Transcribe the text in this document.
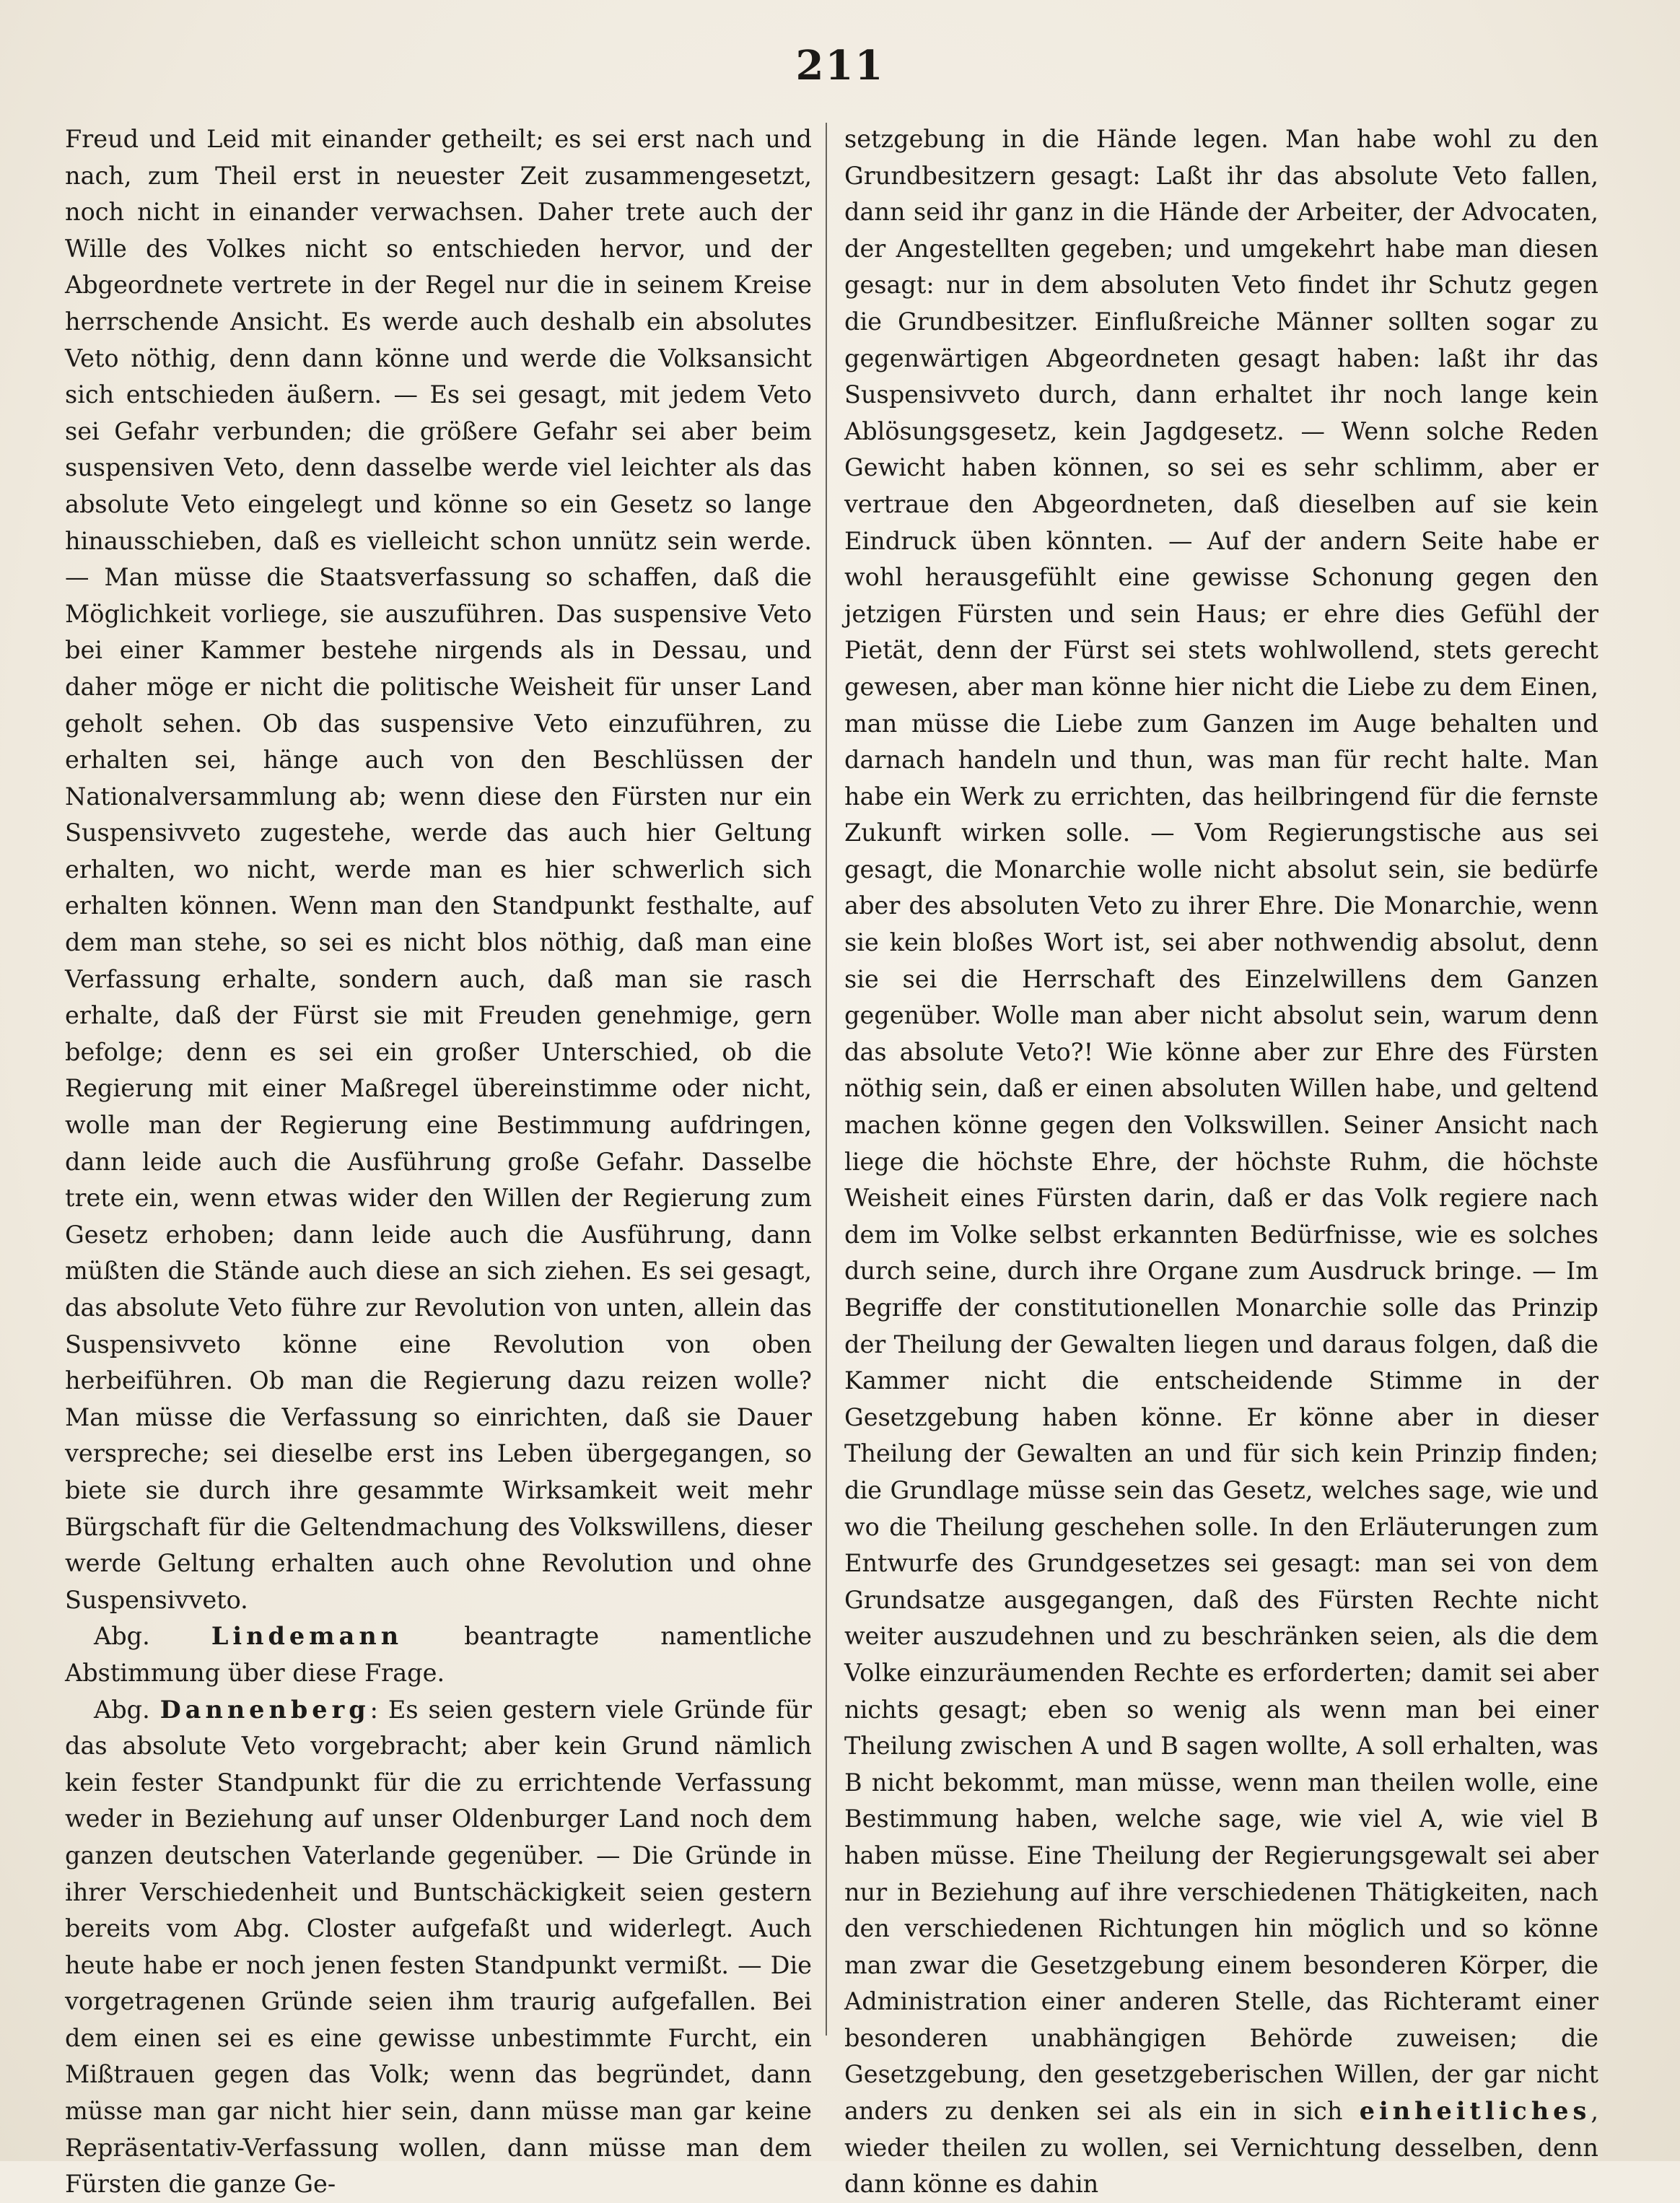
211

Freud und Leid mit einander getheilt; es sei erst nach und nach, zum Theil erst in neuester Zeit zusammengesetzt, noch nicht in einander verwachsen. Daher trete auch der Wille des Volkes nicht so entschieden hervor, und der Abgeordnete vertrete in der Regel nur die in seinem Kreise herrschende Ansicht. Es werde auch deshalb ein absolutes Veto nöthig, denn dann könne und werde die Volksansicht sich entschieden äußern. — Es sei gesagt, mit jedem Veto sei Gefahr verbunden; die größere Gefahr sei aber beim suspensiven Veto, denn dasselbe werde viel leichter als das absolute Veto eingelegt und könne so ein Gesetz so lange hinausschieben, daß es vielleicht schon unnütz sein werde. — Man müsse die Staatsverfassung so schaffen, daß die Möglichkeit vorliege, sie auszuführen. Das suspensive Veto bei einer Kammer bestehe nirgends als in Dessau, und daher möge er nicht die politische Weisheit für unser Land geholt sehen. Ob das suspensive Veto einzuführen, zu erhalten sei, hänge auch von den Beschlüssen der Nationalversammlung ab; wenn diese den Fürsten nur ein Suspensivveto zugestehe, werde das auch hier Geltung erhalten, wo nicht, werde man es hier schwerlich sich erhalten können. Wenn man den Standpunkt festhalte, auf dem man stehe, so sei es nicht blos nöthig, daß man eine Verfassung erhalte, sondern auch, daß man sie rasch erhalte, daß der Fürst sie mit Freuden genehmige, gern befolge; denn es sei ein großer Unterschied, ob die Regierung mit einer Maßregel übereinstimme oder nicht, wolle man der Regierung eine Bestimmung aufdringen, dann leide auch die Ausführung große Gefahr. Dasselbe trete ein, wenn etwas wider den Willen der Regierung zum Gesetz erhoben; dann leide auch die Ausführung, dann müßten die Stände auch diese an sich ziehen. Es sei gesagt, das absolute Veto führe zur Revolution von unten, allein das Suspensivveto könne eine Revolution von oben herbeiführen. Ob man die Regierung dazu reizen wolle? Man müsse die Verfassung so einrichten, daß sie Dauer verspreche; sei dieselbe erst ins Leben übergegangen, so biete sie durch ihre gesammte Wirksamkeit weit mehr Bürgschaft für die Geltendmachung des Volkswillens, dieser werde Geltung erhalten auch ohne Revolution und ohne Suspensivveto.

Abg.	Lindemann	beantragte namentliche Abstimmung über diese Frage.

Abg. Dannenberg: Es seien gestern viele Gründe für das absolute Veto vorgebracht; aber kein Grund nämlich kein fester Standpunkt für die zu errichtende Verfassung weder in Beziehung auf unser Oldenburger Land noch dem ganzen deutschen Vaterlande gegenüber. — Die Gründe in ihrer Verschiedenheit und Buntschäckigkeit seien gestern bereits vom Abg. Closter aufgefaßt und widerlegt. Auch heute habe er noch jenen festen Standpunkt vermißt. — Die vorgetragenen Gründe seien ihm traurig aufgefallen. Bei dem einen sei es eine gewisse unbestimmte Furcht, ein Mißtrauen gegen das Volk; wenn das begründet, dann müsse man gar nicht hier sein, dann müsse man gar keine Repräsentativ-Verfassung wollen, dann müsse man dem Fürsten die ganze Ge-

setzgebung in die Hände legen. Man habe wohl zu den Grundbesitzern gesagt: Laßt ihr das absolute Veto fallen, dann seid ihr ganz in die Hände der Arbeiter, der Advocaten, der Angestellten gegeben; und umgekehrt habe man diesen gesagt: nur in dem absoluten Veto findet ihr Schutz gegen die Grundbesitzer. Einflußreiche Männer sollten sogar zu gegenwärtigen Abgeordneten gesagt haben: laßt ihr das Suspensivveto durch, dann erhaltet ihr noch lange kein Ablösungsgesetz, kein Jagdgesetz. — Wenn solche Reden Gewicht haben können, so sei es sehr schlimm, aber er vertraue den Abgeordneten, daß dieselben auf sie kein Eindruck üben könnten. — Auf der andern Seite habe er wohl herausgefühlt eine gewisse Schonung gegen den jetzigen Fürsten und sein Haus; er ehre dies Gefühl der Pietät, denn der Fürst sei stets wohlwollend, stets gerecht gewesen, aber man könne hier nicht die Liebe zu dem Einen, man müsse die Liebe zum Ganzen im Auge behalten und darnach handeln und thun, was man für recht halte. Man habe ein Werk zu errichten, das heilbringend für die fernste Zukunft wirken solle. — Vom Regierungstische aus sei gesagt, die Monarchie wolle nicht absolut sein, sie bedürfe aber des absoluten Veto zu ihrer Ehre. Die Monarchie, wenn sie kein bloßes Wort ist, sei aber nothwendig absolut, denn sie sei die Herrschaft des Einzelwillens dem Ganzen gegenüber. Wolle man aber nicht absolut sein, warum denn das absolute Veto?! Wie könne aber zur Ehre des Fürsten nöthig sein, daß er einen absoluten Willen habe, und geltend machen könne gegen den Volkswillen. Seiner Ansicht nach liege die höchste Ehre, der höchste Ruhm, die höchste Weisheit eines Fürsten darin, daß er das Volk regiere nach dem im Volke selbst erkannten Bedürfnisse, wie es solches durch seine, durch ihre Organe zum Ausdruck bringe. — Im Begriffe der constitutionellen Monarchie solle das Prinzip der Theilung der Gewalten liegen und daraus folgen, daß die Kammer nicht die entscheidende Stimme in der Gesetzgebung haben könne. Er könne aber in dieser Theilung der Gewalten an und für sich kein Prinzip finden; die Grundlage müsse sein das Gesetz, welches sage, wie und wo die Theilung geschehen solle. In den Erläuterungen zum Entwurfe des Grundgesetzes sei gesagt: man sei von dem Grundsatze ausgegangen, daß des Fürsten Rechte nicht weiter auszudehnen und zu beschränken seien, als die dem Volke einzuräumenden Rechte es erforderten; damit sei aber nichts gesagt; eben so wenig als wenn man bei einer Theilung zwischen A und B sagen wollte, A soll erhalten, was B nicht bekommt, man müsse, wenn man theilen wolle, eine Bestimmung haben, welche sage, wie viel A, wie viel B haben müsse. Eine Theilung der Regierungsgewalt sei aber nur in Beziehung auf ihre verschiedenen Thätigkeiten, nach den verschiedenen Richtungen hin möglich und so könne man zwar die Gesetzgebung einem besonderen Körper, die Administration einer anderen Stelle, das Richteramt einer besonderen unabhängigen Behörde zuweisen; die Gesetzgebung, den gesetzgeberischen Willen, der gar nicht anders zu denken sei als ein in sich einheitliches, wieder theilen zu wollen, sei Vernichtung desselben, denn dann könne es dahin
